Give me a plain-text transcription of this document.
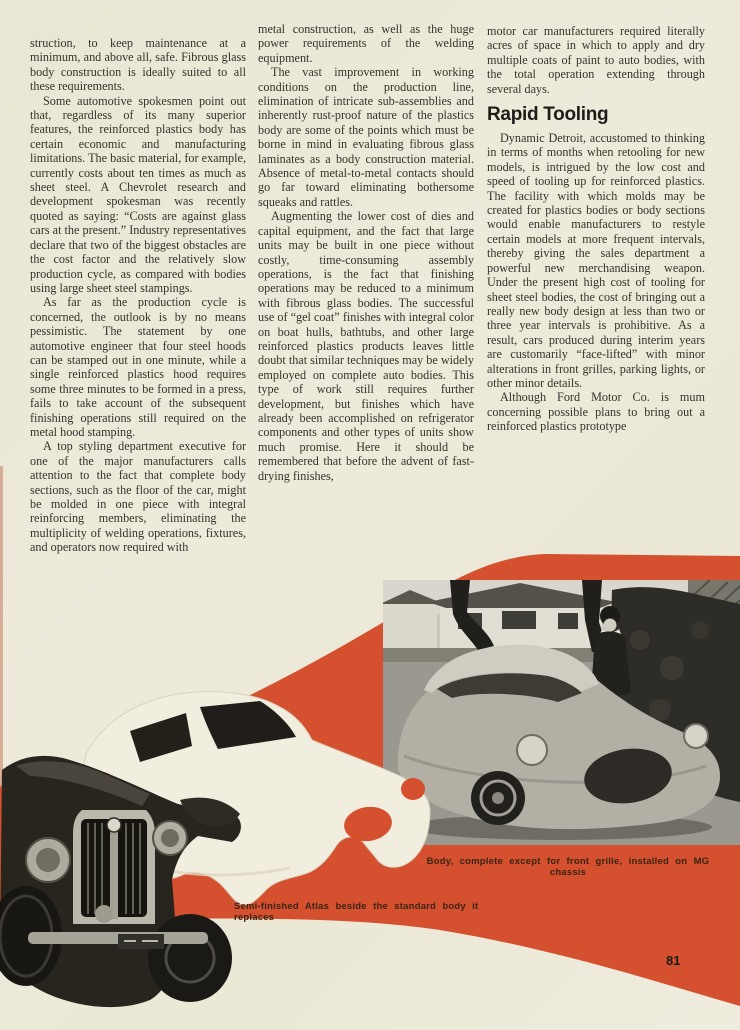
struction, to keep maintenance at a minimum, and above all, safe. Fibrous glass body construction is ideally suited to all these requirements.

Some automotive spokesmen point out that, regardless of its many superior features, the reinforced plastics body has certain economic and manufacturing limitations. The basic material, for example, currently costs about ten times as much as sheet steel. A Chevrolet research and development spokesman was recently quoted as saying: “Costs are against glass cars at the present.” Industry representatives declare that two of the biggest obstacles are the cost factor and the relatively slow production cycle, as compared with bodies using large sheet steel stampings.

As far as the production cycle is concerned, the outlook is by no means pessimistic. The statement by one automotive engineer that four steel hoods can be stamped out in one minute, while a single reinforced plastics hood requires some three minutes to be formed in a press, fails to take account of the subsequent finishing operations still required on the metal hood stamping.

A top styling department executive for one of the major manufacturers calls attention to the fact that complete body sections, such as the floor of the car, might be molded in one piece with integral reinforcing members, eliminating the multiplicity of welding operations, fixtures, and operators now required with

metal construction, as well as the huge power requirements of the welding equipment.

The vast improvement in working conditions on the production line, elimination of intricate sub-assemblies and inherently rust-proof nature of the plastics body are some of the points which must be borne in mind in evaluating fibrous glass laminates as a body construction material. Absence of metal-to-metal contacts should go far toward eliminating bothersome squeaks and rattles.

Augmenting the lower cost of dies and capital equipment, and the fact that large units may be built in one piece without costly, time-consuming assembly operations, is the fact that finishing operations may be reduced to a minimum with fibrous glass bodies. The successful use of “gel coat” finishes with integral color on boat hulls, bathtubs, and other large reinforced plastics products leaves little doubt that similar techniques may be widely employed on complete auto bodies. This type of work still requires further development, but finishes which have already been accomplished on refrigerator components and other types of units show much promise. Here it should be remembered that before the advent of fast-drying finishes,

motor car manufacturers required literally acres of space in which to apply and dry multiple coats of paint to auto bodies, with the total operation extending through several days.

Rapid Tooling

Dynamic Detroit, accustomed to thinking in terms of months when retooling for new models, is intrigued by the low cost and speed of tooling up for reinforced plastics. The facility with which molds may be created for plastics bodies or body sections would enable manufacturers to restyle certain models at more frequent intervals, thereby giving the sales department a powerful new merchandising weapon. Under the present high cost of tooling for sheet steel bodies, the cost of bringing out a really new body design at less than two or three year intervals is prohibitive. As a result, cars produced during interim years are customarily “face-lifted” with minor alterations in front grilles, parking lights, or other minor details.

Although Ford Motor Co. is mum concerning possible plans to bring out a reinforced plastics prototype

Body, complete except for front grille, installed on MG chassis
Semi-finished Atlas beside the standard body it replaces
81
